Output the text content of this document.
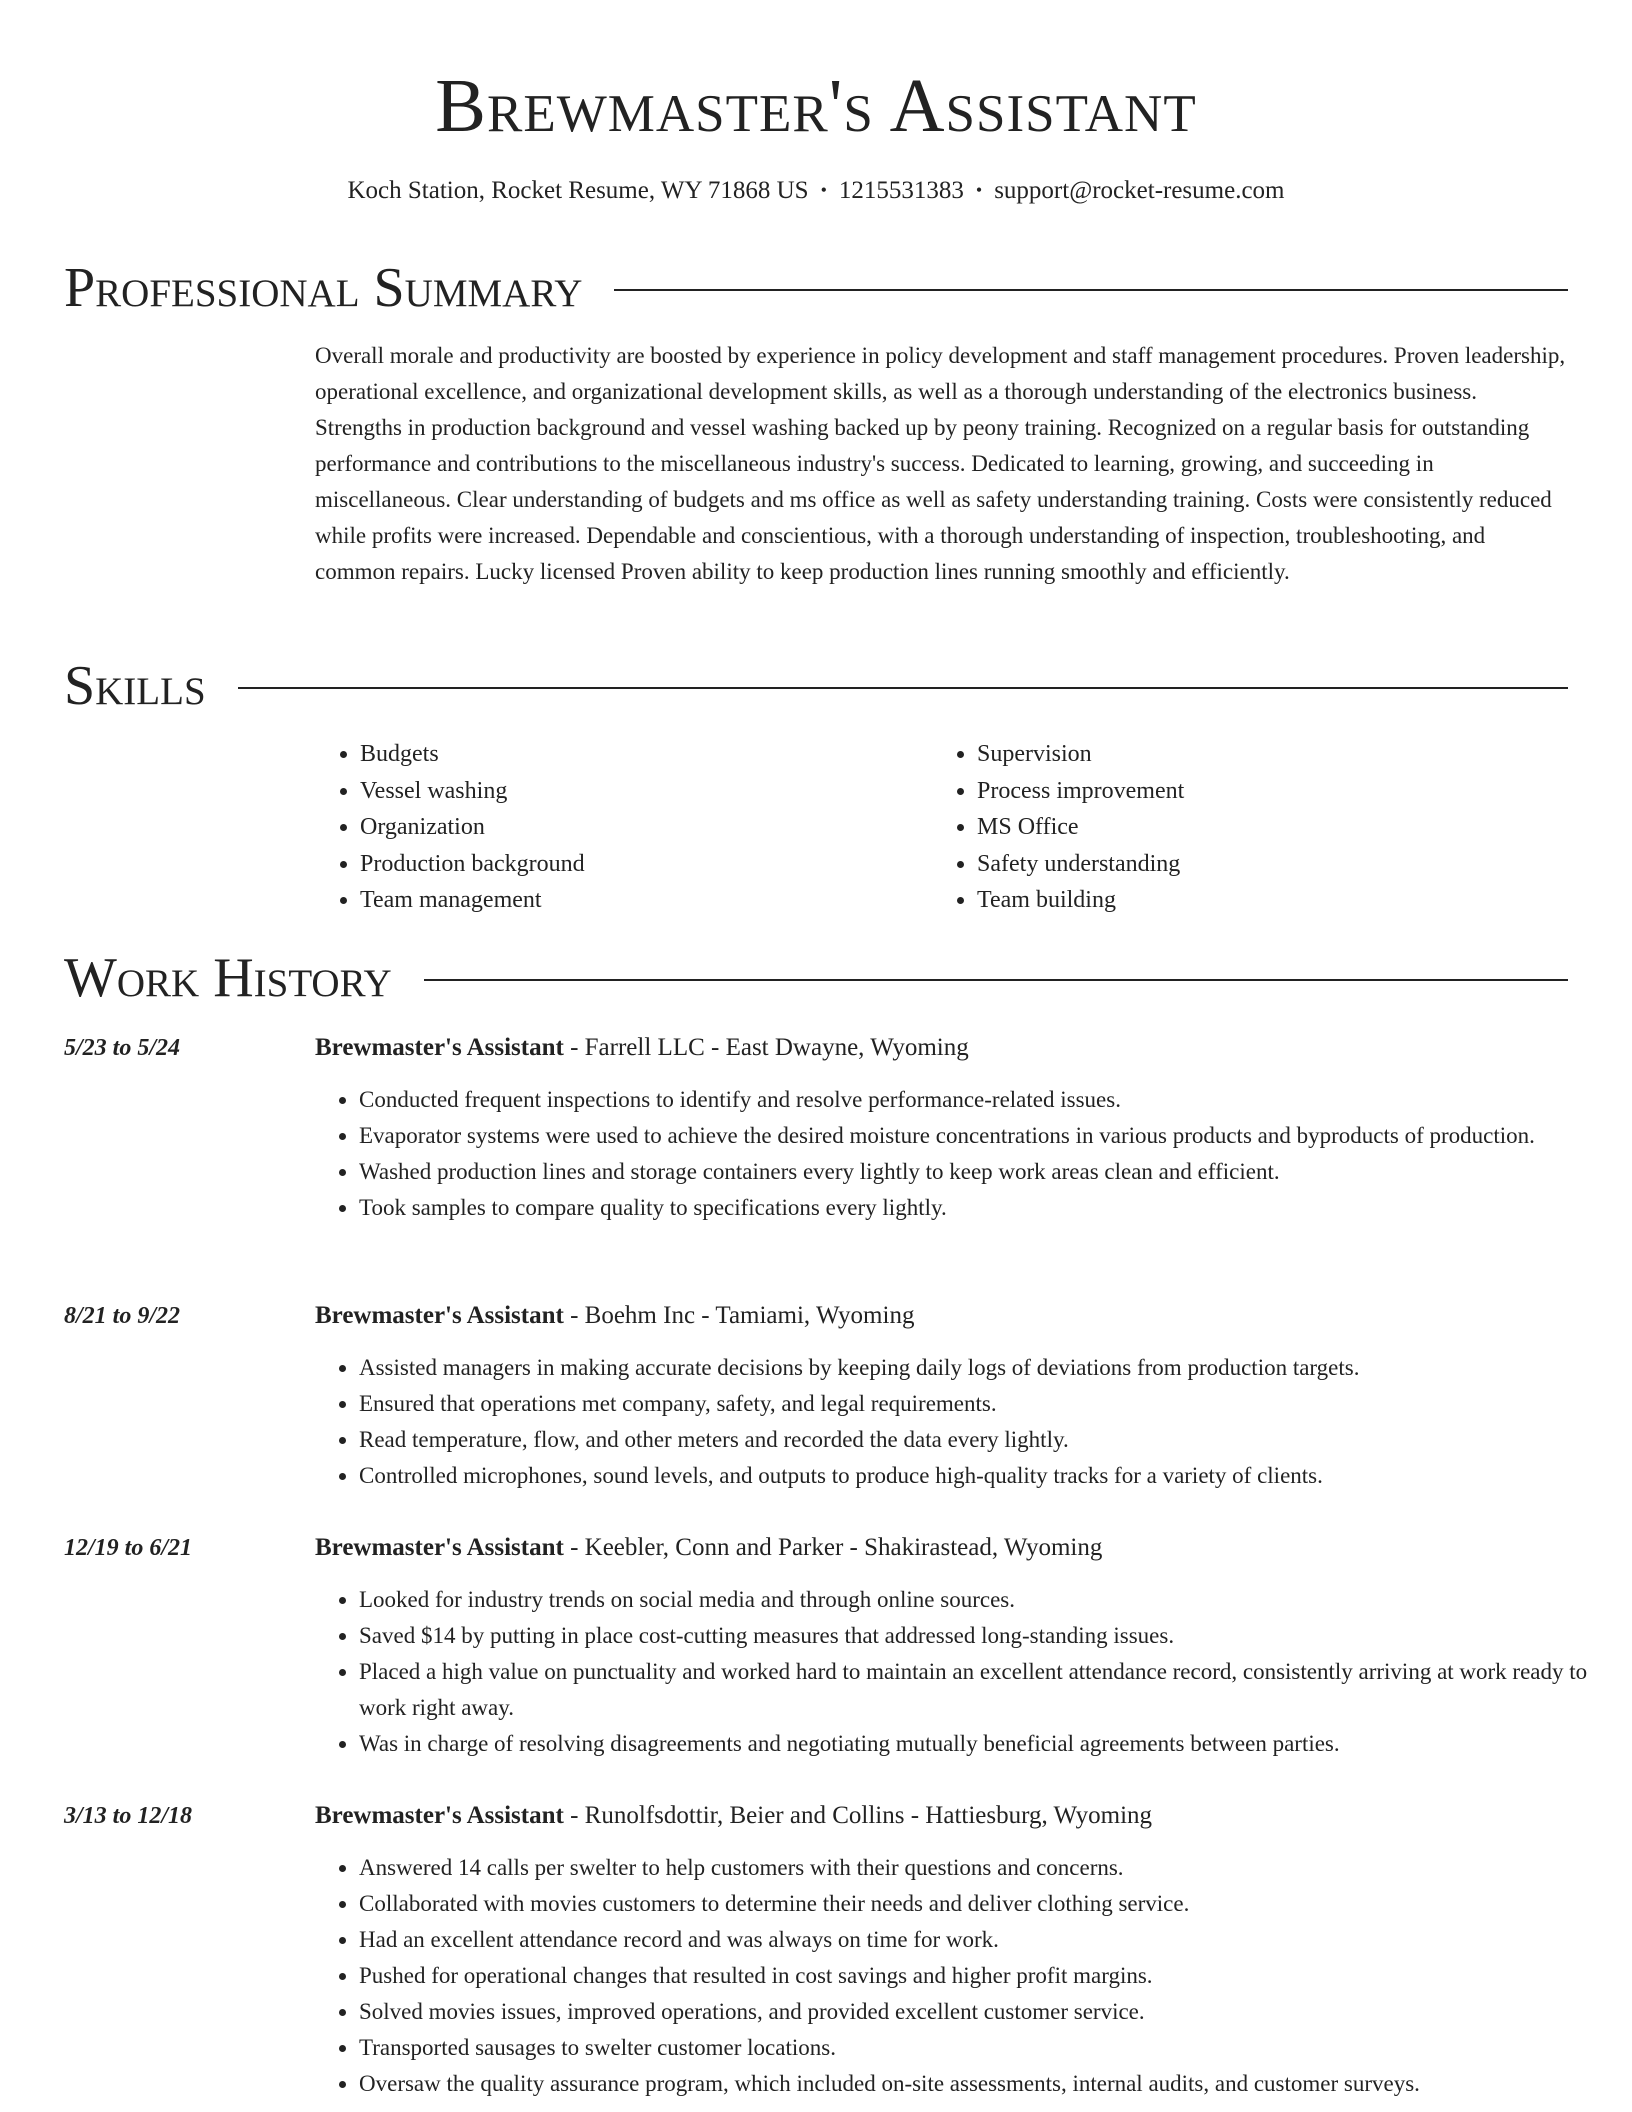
Brewmaster's Assistant
Koch Station, Rocket Resume, WY 71868 US • 1215531383 • support@rocket-resume.com
Professional Summary

Overall morale and productivity are boosted by experience in policy development and staff management procedures. Proven leadership, operational excellence, and organizational development skills, as well as a thorough understanding of the electronics business. Strengths in production background and vessel washing backed up by peony training. Recognized on a regular basis for outstanding performance and contributions to the miscellaneous industry's success. Dedicated to learning, growing, and succeeding in miscellaneous. Clear understanding of budgets and ms office as well as safety understanding training. Costs were consistently reduced while profits were increased. Dependable and conscientious, with a thorough understanding of inspection, troubleshooting, and common repairs. Lucky licensed Proven ability to keep production lines running smoothly and efficiently.

Skills
• Budgets
• Vessel washing
• Organization
• Production background
• Team management
• Supervision
• Process improvement
• MS Office
• Safety understanding
• Team building
Work History
5/23 to 5/24	Brewmaster's Assistant - Farrell LLC - East Dwayne, Wyoming
• Conducted frequent inspections to identify and resolve performance-related issues.
• Evaporator systems were used to achieve the desired moisture concentrations in various products and byproducts of production.
• Washed production lines and storage containers every lightly to keep work areas clean and efficient.
• Took samples to compare quality to specifications every lightly.
8/21 to 9/22	Brewmaster's Assistant - Boehm Inc - Tamiami, Wyoming
• Assisted managers in making accurate decisions by keeping daily logs of deviations from production targets.
• Ensured that operations met company, safety, and legal requirements.
• Read temperature, flow, and other meters and recorded the data every lightly.
• Controlled microphones, sound levels, and outputs to produce high-quality tracks for a variety of clients.
12/19 to 6/21	Brewmaster's Assistant - Keebler, Conn and Parker - Shakirastead, Wyoming
• Looked for industry trends on social media and through online sources.
• Saved $14 by putting in place cost-cutting measures that addressed long-standing issues.
• Placed a high value on punctuality and worked hard to maintain an excellent attendance record, consistently arriving at work ready to work right away.
• Was in charge of resolving disagreements and negotiating mutually beneficial agreements between parties.
3/13 to 12/18	Brewmaster's Assistant - Runolfsdottir, Beier and Collins - Hattiesburg, Wyoming
• Answered 14 calls per swelter to help customers with their questions and concerns.
• Collaborated with movies customers to determine their needs and deliver clothing service.
• Had an excellent attendance record and was always on time for work.
• Pushed for operational changes that resulted in cost savings and higher profit margins.
• Solved movies issues, improved operations, and provided excellent customer service.
• Transported sausages to swelter customer locations.
• Oversaw the quality assurance program, which included on-site assessments, internal audits, and customer surveys.
